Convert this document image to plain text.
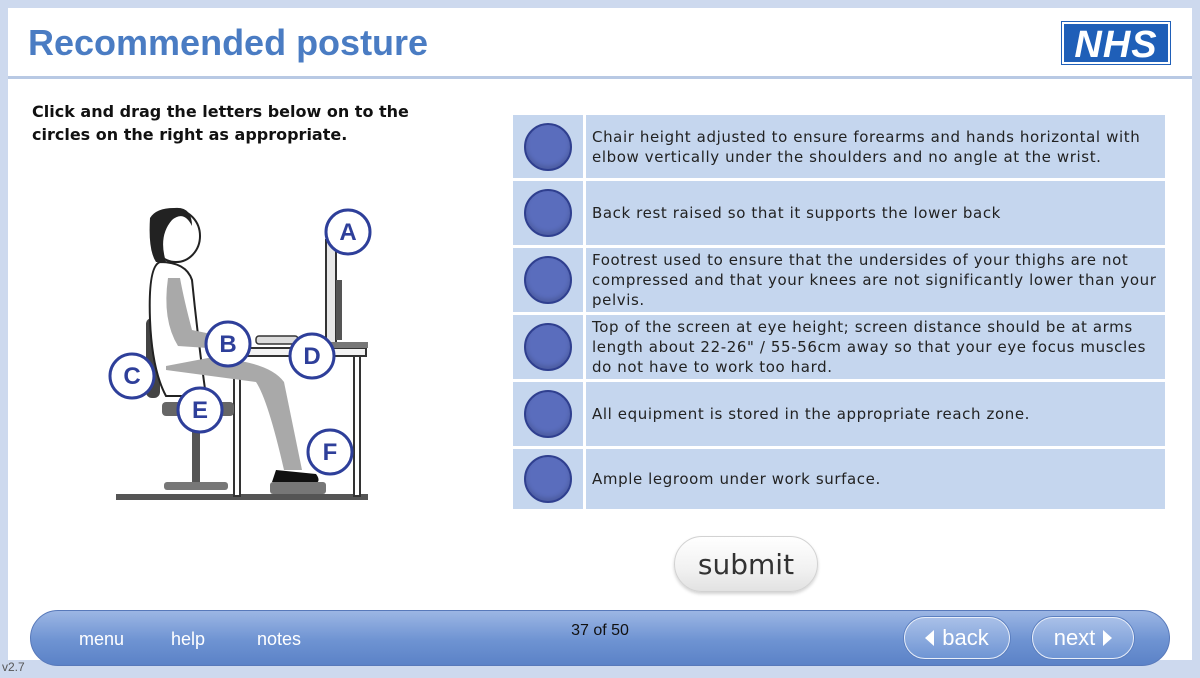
Recommended posture	NHS
Click and drag the letters below on to the circles on the right as appropriate.
A
B
C
D
E
F
Chair height adjusted to ensure forearms and hands horizontal with elbow vertically under the shoulders and no angle at the wrist.
Back rest raised so that it supports the lower back
Footrest used to ensure that the undersides of your thighs are not compressed and that your knees are not significantly lower than your pelvis.
Top of the screen at eye height; screen distance should be at arms length about 22-26" / 55-56cm away so that your eye focus muscles do not have to work too hard.
All equipment is stored in the appropriate reach zone.
Ample legroom under work surface.
submit
menu	help	notes	37 of 50	back	next
v2.7
